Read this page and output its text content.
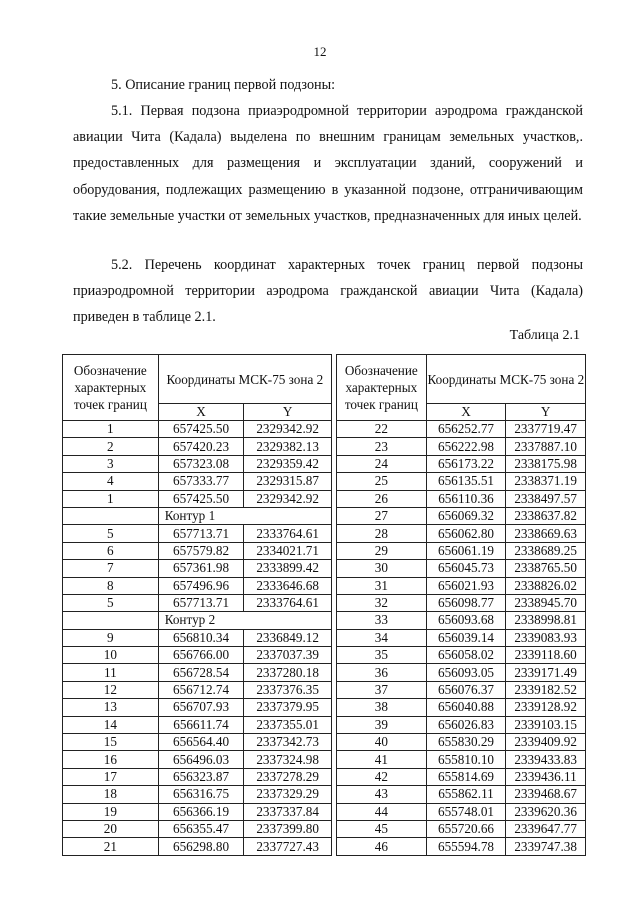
12

5. Описание границ первой подзоны:

5.1. Первая подзона приаэродромной территории аэродрома гражданской авиации Чита (Кадала) выделена по внешним границам земельных участков,. предоставленных для размещения и эксплуатации зданий, сооружений и оборудования, подлежащих размещению в указанной подзоне, отграничивающим такие земельные участки от земельных участков, предназначенных для иных целей.

5.2. Перечень координат характерных точек границ первой подзоны приаэродромной территории аэродрома гражданской авиации Чита (Кадала) приведен в таблице 2.1.

Таблица 2.1
Обозначение характерных точек границ	Координаты МСК-75 зона 2	
	X	Y
1	657425.50	2329342.92
2	657420.23	2329382.13
3	657323.08	2329359.42
4	657333.77	2329315.87
1	657425.50	2329342.92
	Контур 1	
5	657713.71	2333764.61
6	657579.82	2334021.71
7	657361.98	2333899.42
8	657496.96	2333646.68
5	657713.71	2333764.61
	Контур 2	
9	656810.34	2336849.12
10	656766.00	2337037.39
11	656728.54	2337280.18
12	656712.74	2337376.35
13	656707.93	2337379.95
14	656611.74	2337355.01
15	656564.40	2337342.73
16	656496.03	2337324.98
17	656323.87	2337278.29
18	656316.75	2337329.29
19	656366.19	2337337.84
20	656355.47	2337399.80
21	656298.80	2337727.43
Обозначение характерных точек границ	Координаты МСК-75 зона 2	
	X	Y
22	656252.77	2337719.47
23	656222.98	2337887.10
24	656173.22	2338175.98
25	656135.51	2338371.19
26	656110.36	2338497.57
27	656069.32	2338637.82
28	656062.80	2338669.63
29	656061.19	2338689.25
30	656045.73	2338765.50
31	656021.93	2338826.02
32	656098.77	2338945.70
33	656093.68	2338998.81
34	656039.14	2339083.93
35	656058.02	2339118.60
36	656093.05	2339171.49
37	656076.37	2339182.52
38	656040.88	2339128.92
39	656026.83	2339103.15
40	655830.29	2339409.92
41	655810.10	2339433.83
42	655814.69	2339436.11
43	655862.11	2339468.67
44	655748.01	2339620.36
45	655720.66	2339647.77
46	655594.78	2339747.38
